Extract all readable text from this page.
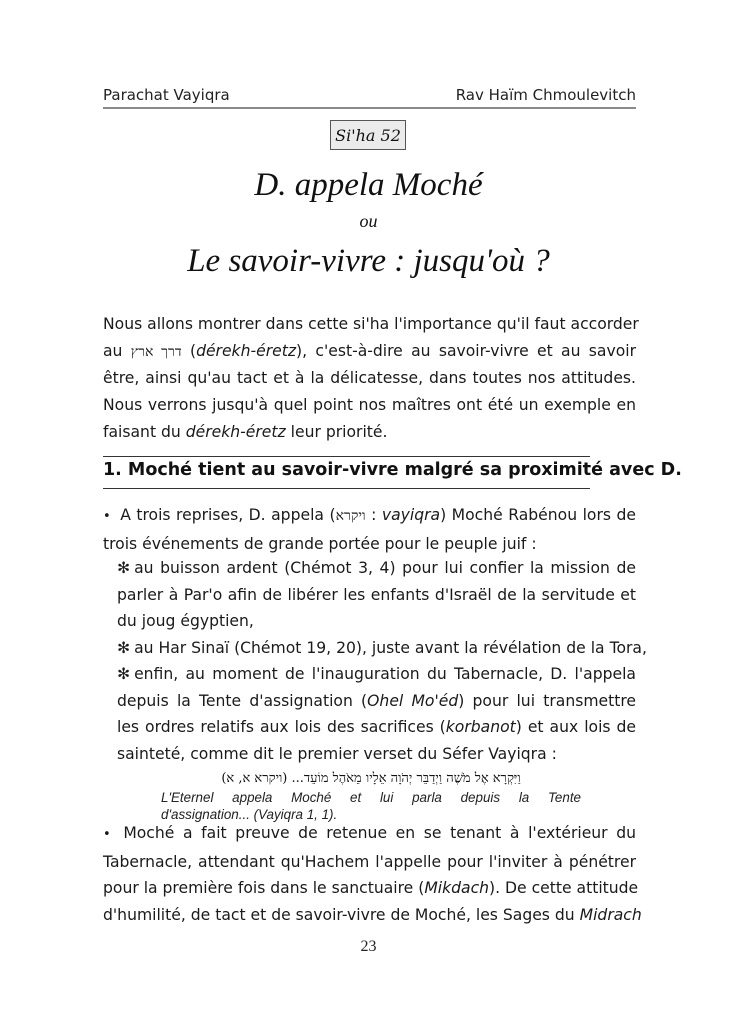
Parachat Vayiqra	Rav Haïm Chmoulevitch
Si'ha 52
D. appela Moché
ou
Le savoir-vivre : jusqu'où ?
Nous allons montrer dans cette si'ha l'importance qu'il faut accorder
au דרך ארץ (dérekh-éretz), c'est-à-dire au savoir-vivre et au savoir
être, ainsi qu'au tact et à la délicatesse, dans toutes nos attitudes.
Nous verrons jusqu'à quel point nos maîtres ont été un exemple en
faisant du dérekh-éretz leur priorité.
1. Moché tient au savoir-vivre malgré sa proximité avec D.
• A trois reprises, D. appela (ויקרא : vayiqra) Moché Rabénou lors de
trois événements de grande portée pour le peuple juif :
✻ au buisson ardent (Chémot 3, 4) pour lui confier la mission de
parler à Par'o afin de libérer les enfants d'Israël de la servitude et
du joug égyptien,
✻ au Har Sinaï (Chémot 19, 20), juste avant la révélation de la Tora,
✻ enfin, au moment de l'inauguration du Tabernacle, D. l'appela
depuis la Tente d'assignation (Ohel Mo'éd) pour lui transmettre
les ordres relatifs aux lois des sacrifices (korbanot) et aux lois de
sainteté, comme dit le premier verset du Séfer Vayiqra :
וַיִּקְרָא אֶל מֹשֶׁה וַיְדַבֵּר יְהֹוָה אֵלָיו מֵאֹהֶל מוֹעֵד... (ויקרא א, א)
L'Eternel appela Moché et lui parla depuis la Tente
d'assignation... (Vayiqra 1, 1).
• Moché a fait preuve de retenue en se tenant à l'extérieur du
Tabernacle, attendant qu'Hachem l'appelle pour l'inviter à pénétrer
pour la première fois dans le sanctuaire (Mikdach). De cette attitude
d'humilité, de tact et de savoir-vivre de Moché, les Sages du Midrach
23
